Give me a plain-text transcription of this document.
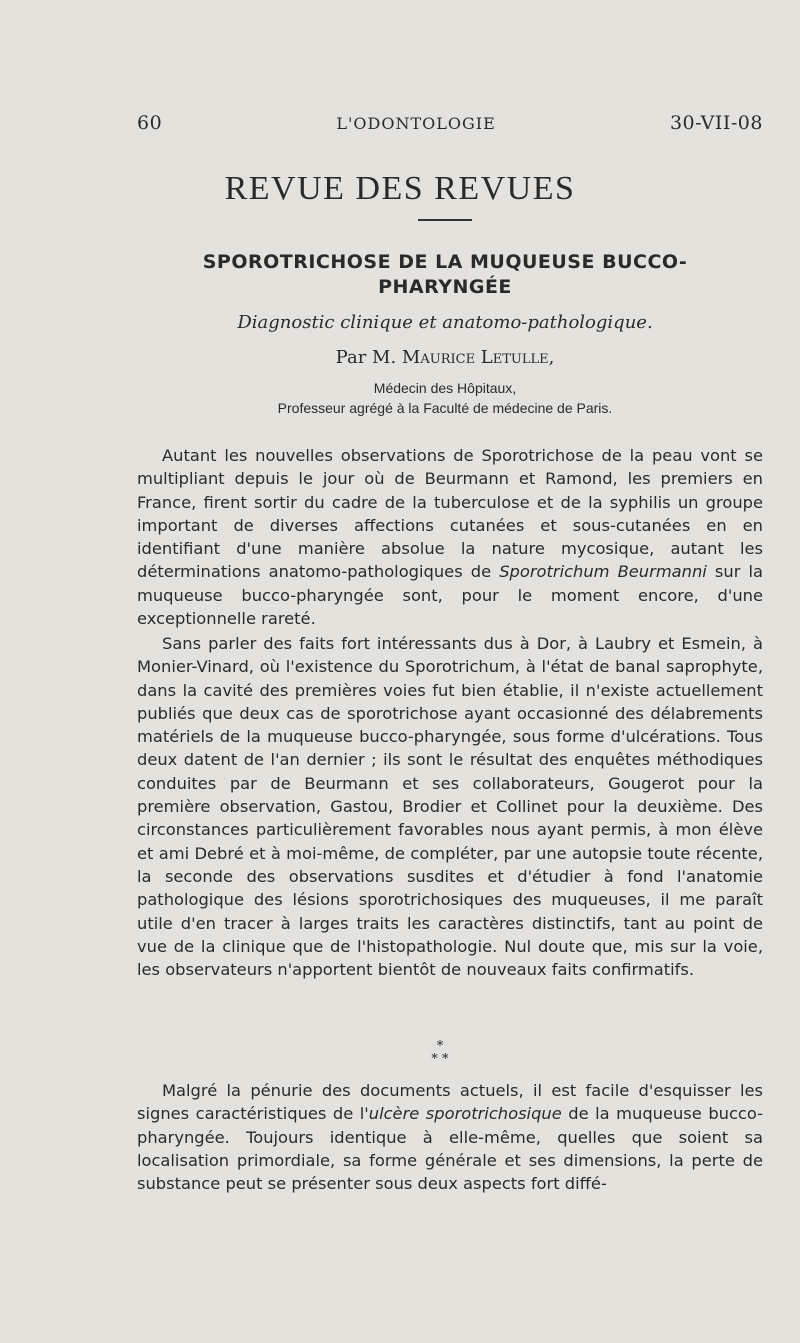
60	L'ODONTOLOGIE	30-VII-08
REVUE DES REVUES
SPOROTRICHOSE DE LA MUQUEUSE BUCCO-PHARYNGÉE
Diagnostic clinique et anatomo-pathologique.
Par M. Maurice Letulle,
Médecin des Hôpitaux,
Professeur agrégé à la Faculté de médecine de Paris.
Autant les nouvelles observations de Sporotrichose de la peau vont se multipliant depuis le jour où de Beurmann et Ramond, les premiers en France, firent sortir du cadre de la tuberculose et de la syphilis un groupe important de diverses affections cutanées et sous-cutanées en en identifiant d'une manière absolue la nature mycosique, autant les déterminations anatomo-pathologiques de Sporotrichum Beurmanni sur la muqueuse bucco-pharyngée sont, pour le moment encore, d'une exceptionnelle rareté.
Sans parler des faits fort intéressants dus à Dor, à Laubry et Esmein, à Monier-Vinard, où l'existence du Sporotrichum, à l'état de banal saprophyte, dans la cavité des premières voies fut bien établie, il n'existe actuellement publiés que deux cas de sporotrichose ayant occasionné des délabrements matériels de la muqueuse bucco-pharyngée, sous forme d'ulcérations. Tous deux datent de l'an dernier ; ils sont le résultat des enquêtes méthodiques conduites par de Beurmann et ses collaborateurs, Gougerot pour la première observation, Gastou, Brodier et Collinet pour la deuxième. Des circonstances particulièrement favorables nous ayant permis, à mon élève et ami Debré et à moi-même, de compléter, par une autopsie toute récente, la seconde des observations susdites et d'étudier à fond l'anatomie pathologique des lésions sporotrichosiques des muqueuses, il me paraît utile d'en tracer à larges traits les caractères distinctifs, tant au point de vue de la clinique que de l'histopathologie. Nul doute que, mis sur la voie, les observateurs n'apportent bientôt de nouveaux faits confirmatifs.
*
* *
Malgré la pénurie des documents actuels, il est facile d'esquisser les signes caractéristiques de l'ulcère sporotrichosique de la muqueuse bucco-pharyngée. Toujours identique à elle-même, quelles que soient sa localisation primordiale, sa forme générale et ses dimensions, la perte de substance peut se présenter sous deux aspects fort diffé-
